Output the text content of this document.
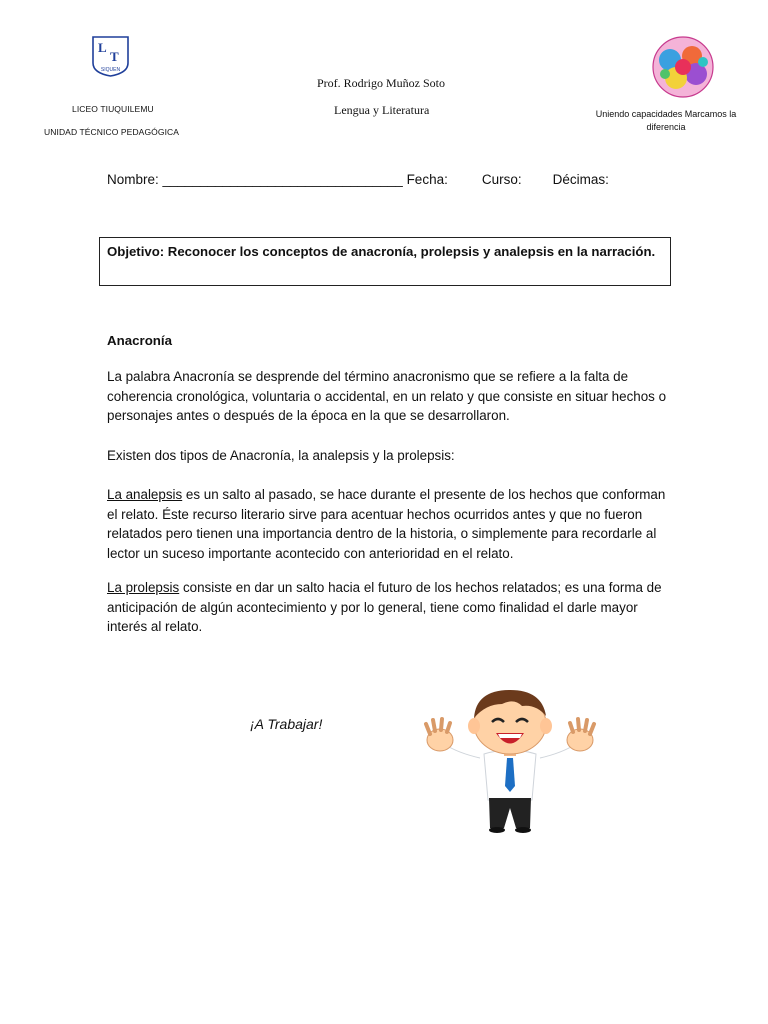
L
T
SIQUEN
LICEO TIUQUILEMU
UNIDAD TÉCNICO PEDAGÓGICA
Prof. Rodrigo Muñoz Soto
Lengua y Literatura	Uniendo capacidades Marcamos la
diferencia
Nombre: ________________________________ Fecha:	Curso: Décimas:
Objetivo: Reconocer los conceptos de anacronía, prolepsis y analepsis en la narración.
Anacronía
La palabra Anacronía se desprende del término anacronismo que se refiere a la falta de coherencia cronológica, voluntaria o accidental, en un relato y que consiste en situar hechos o personajes antes o después de la época en la que se desarrollaron.
Existen dos tipos de Anacronía, la analepsis y la prolepsis:
La analepsis es un salto al pasado, se hace durante el presente de los hechos que conforman el relato. Éste recurso literario sirve para acentuar hechos ocurridos antes y que no fueron relatados pero tienen una importancia dentro de la historia, o simplemente para recordarle al lector un suceso importante acontecido con anterioridad en el relato.
La prolepsis consiste en dar un salto hacia el futuro de los hechos relatados; es una forma de anticipación de algún acontecimiento y por lo general, tiene como finalidad el darle mayor interés al relato.
¡A Trabajar!
